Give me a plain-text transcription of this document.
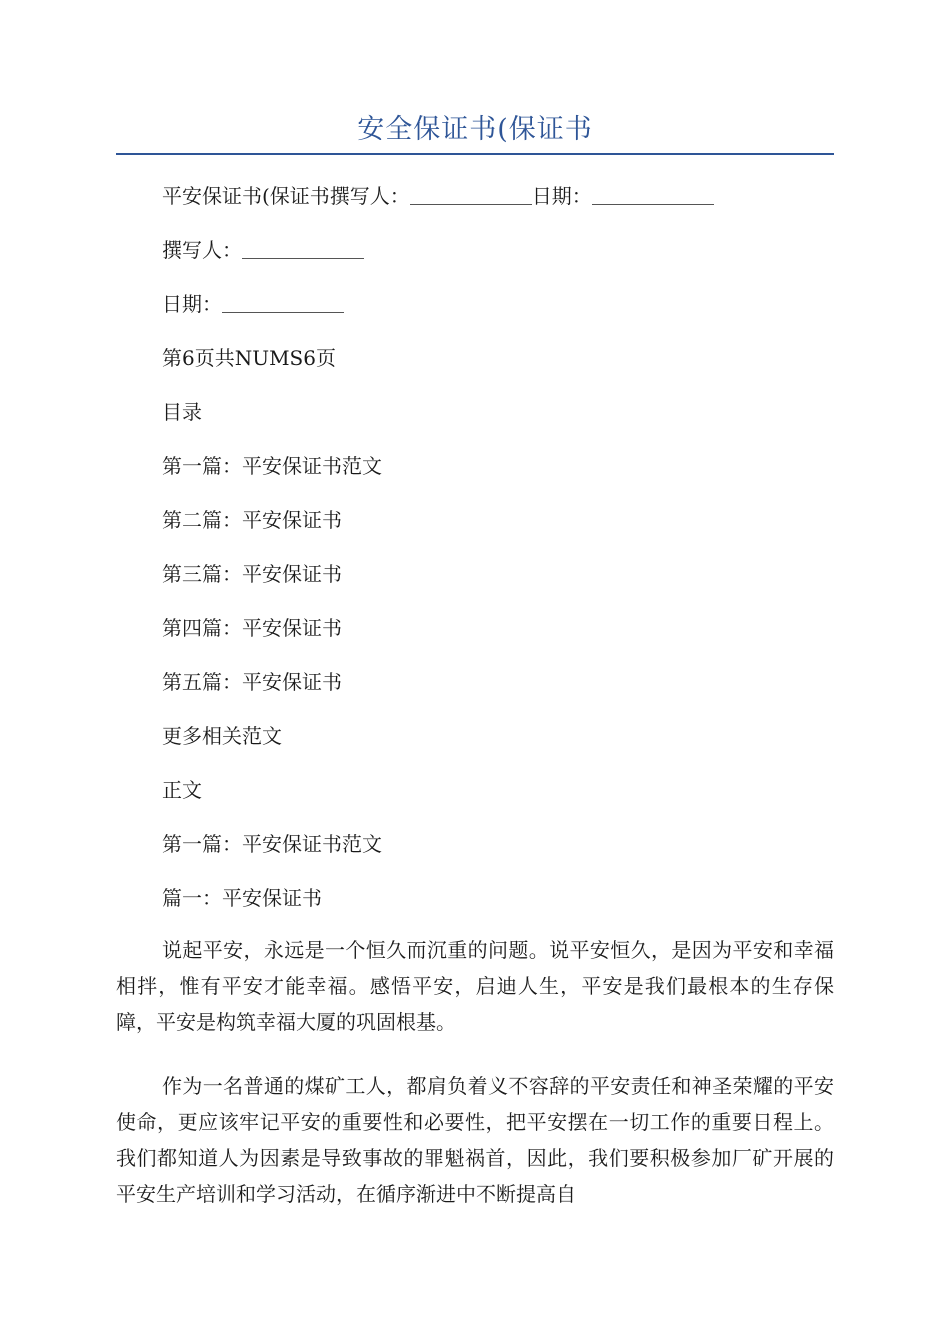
安全保证书(保证书
平安保证书(保证书撰写人：	日期：
撰写人：
日期：
第6页共NUMS6页
目录
第一篇：平安保证书范文
第二篇：平安保证书
第三篇：平安保证书
第四篇：平安保证书
第五篇：平安保证书
更多相关范文
正文
第一篇：平安保证书范文
篇一：平安保证书
说起平安，永远是一个恒久而沉重的问题。说平安恒久，是因为平安和幸福相拌，惟有平安才能幸福。感悟平安，启迪人生，平安是我们最根本的生存保障，平安是构筑幸福大厦的巩固根基。
作为一名普通的煤矿工人，都肩负着义不容辞的平安责任和神圣荣耀的平安使命，更应该牢记平安的重要性和必要性，把平安摆在一切工作的重要日程上。我们都知道人为因素是导致事故的罪魁祸首，因此，我们要积极参加厂矿开展的平安生产培训和学习活动，在循序渐进中不断提高自
